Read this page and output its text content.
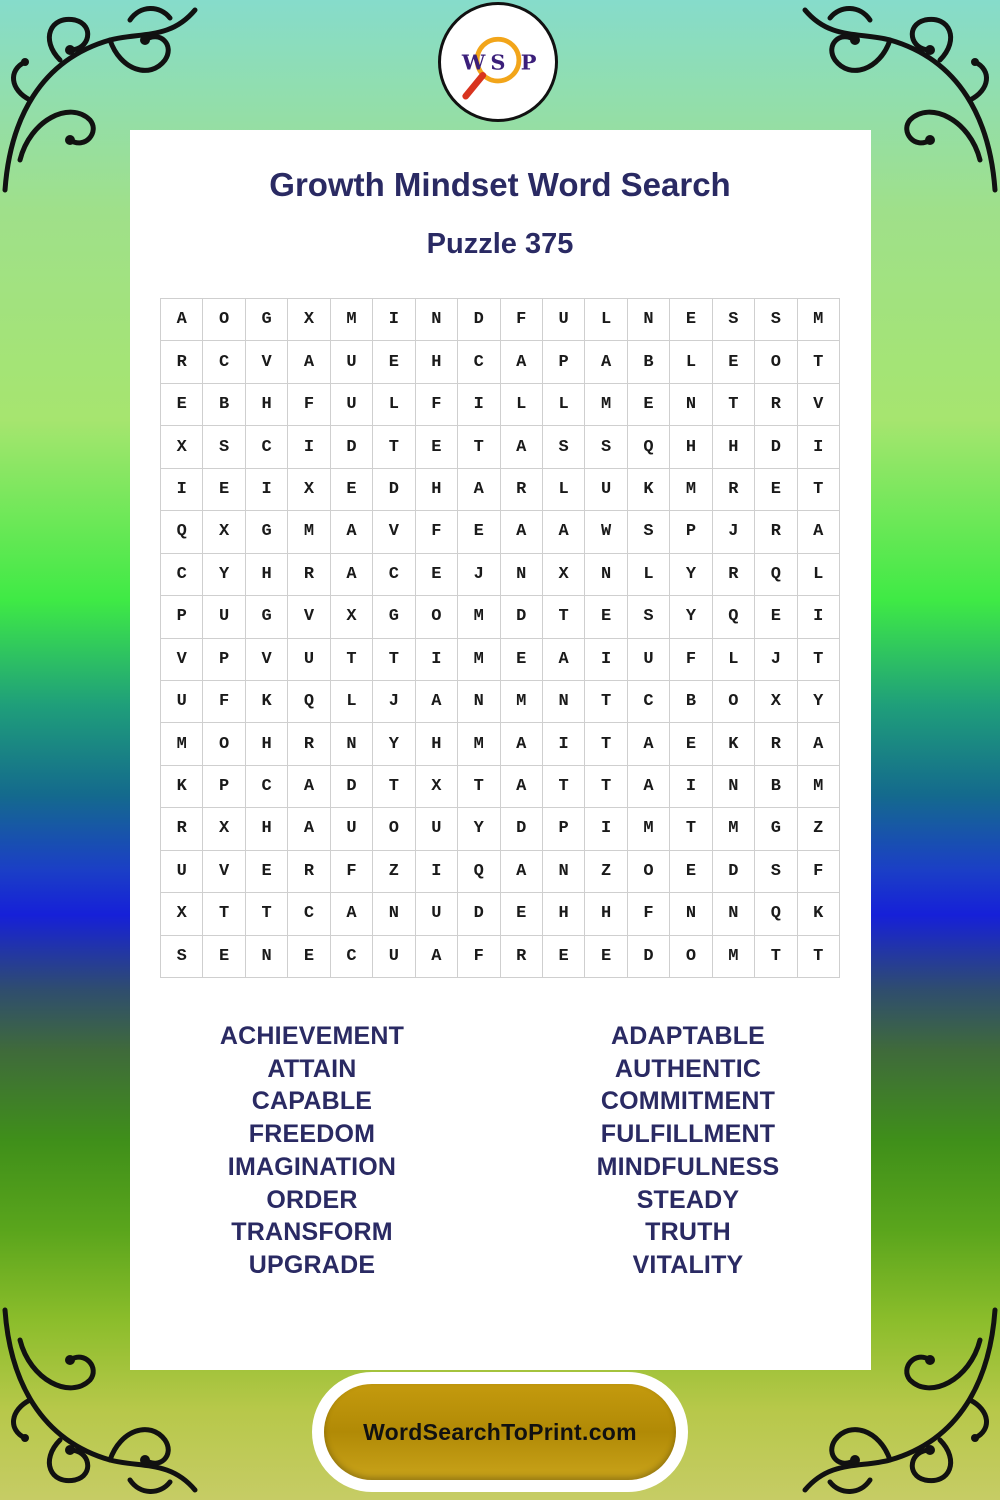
W S P
Growth Mindset Word Search
Puzzle 375
A	O	G	X	M	I	N	D	F	U	L	N	E	S	S	M
R	C	V	A	U	E	H	C	A	P	A	B	L	E	O	T
E	B	H	F	U	L	F	I	L	L	M	E	N	T	R	V
X	S	C	I	D	T	E	T	A	S	S	Q	H	H	D	I
I	E	I	X	E	D	H	A	R	L	U	K	M	R	E	T
Q	X	G	M	A	V	F	E	A	A	W	S	P	J	R	A
C	Y	H	R	A	C	E	J	N	X	N	L	Y	R	Q	L
P	U	G	V	X	G	O	M	D	T	E	S	Y	Q	E	I
V	P	V	U	T	T	I	M	E	A	I	U	F	L	J	T
U	F	K	Q	L	J	A	N	M	N	T	C	B	O	X	Y
M	O	H	R	N	Y	H	M	A	I	T	A	E	K	R	A
K	P	C	A	D	T	X	T	A	T	T	A	I	N	B	M
R	X	H	A	U	O	U	Y	D	P	I	M	T	M	G	Z
U	V	E	R	F	Z	I	Q	A	N	Z	O	E	D	S	F
X	T	T	C	A	N	U	D	E	H	H	F	N	N	Q	K
S	E	N	E	C	U	A	F	R	E	E	D	O	M	T	T
ACHIEVEMENT
ATTAIN
CAPABLE
FREEDOM
IMAGINATION
ORDER
TRANSFORM
UPGRADE
ADAPTABLE
AUTHENTIC
COMMITMENT
FULFILLMENT
MINDFULNESS
STEADY
TRUTH
VITALITY
WordSearchToPrint.com
